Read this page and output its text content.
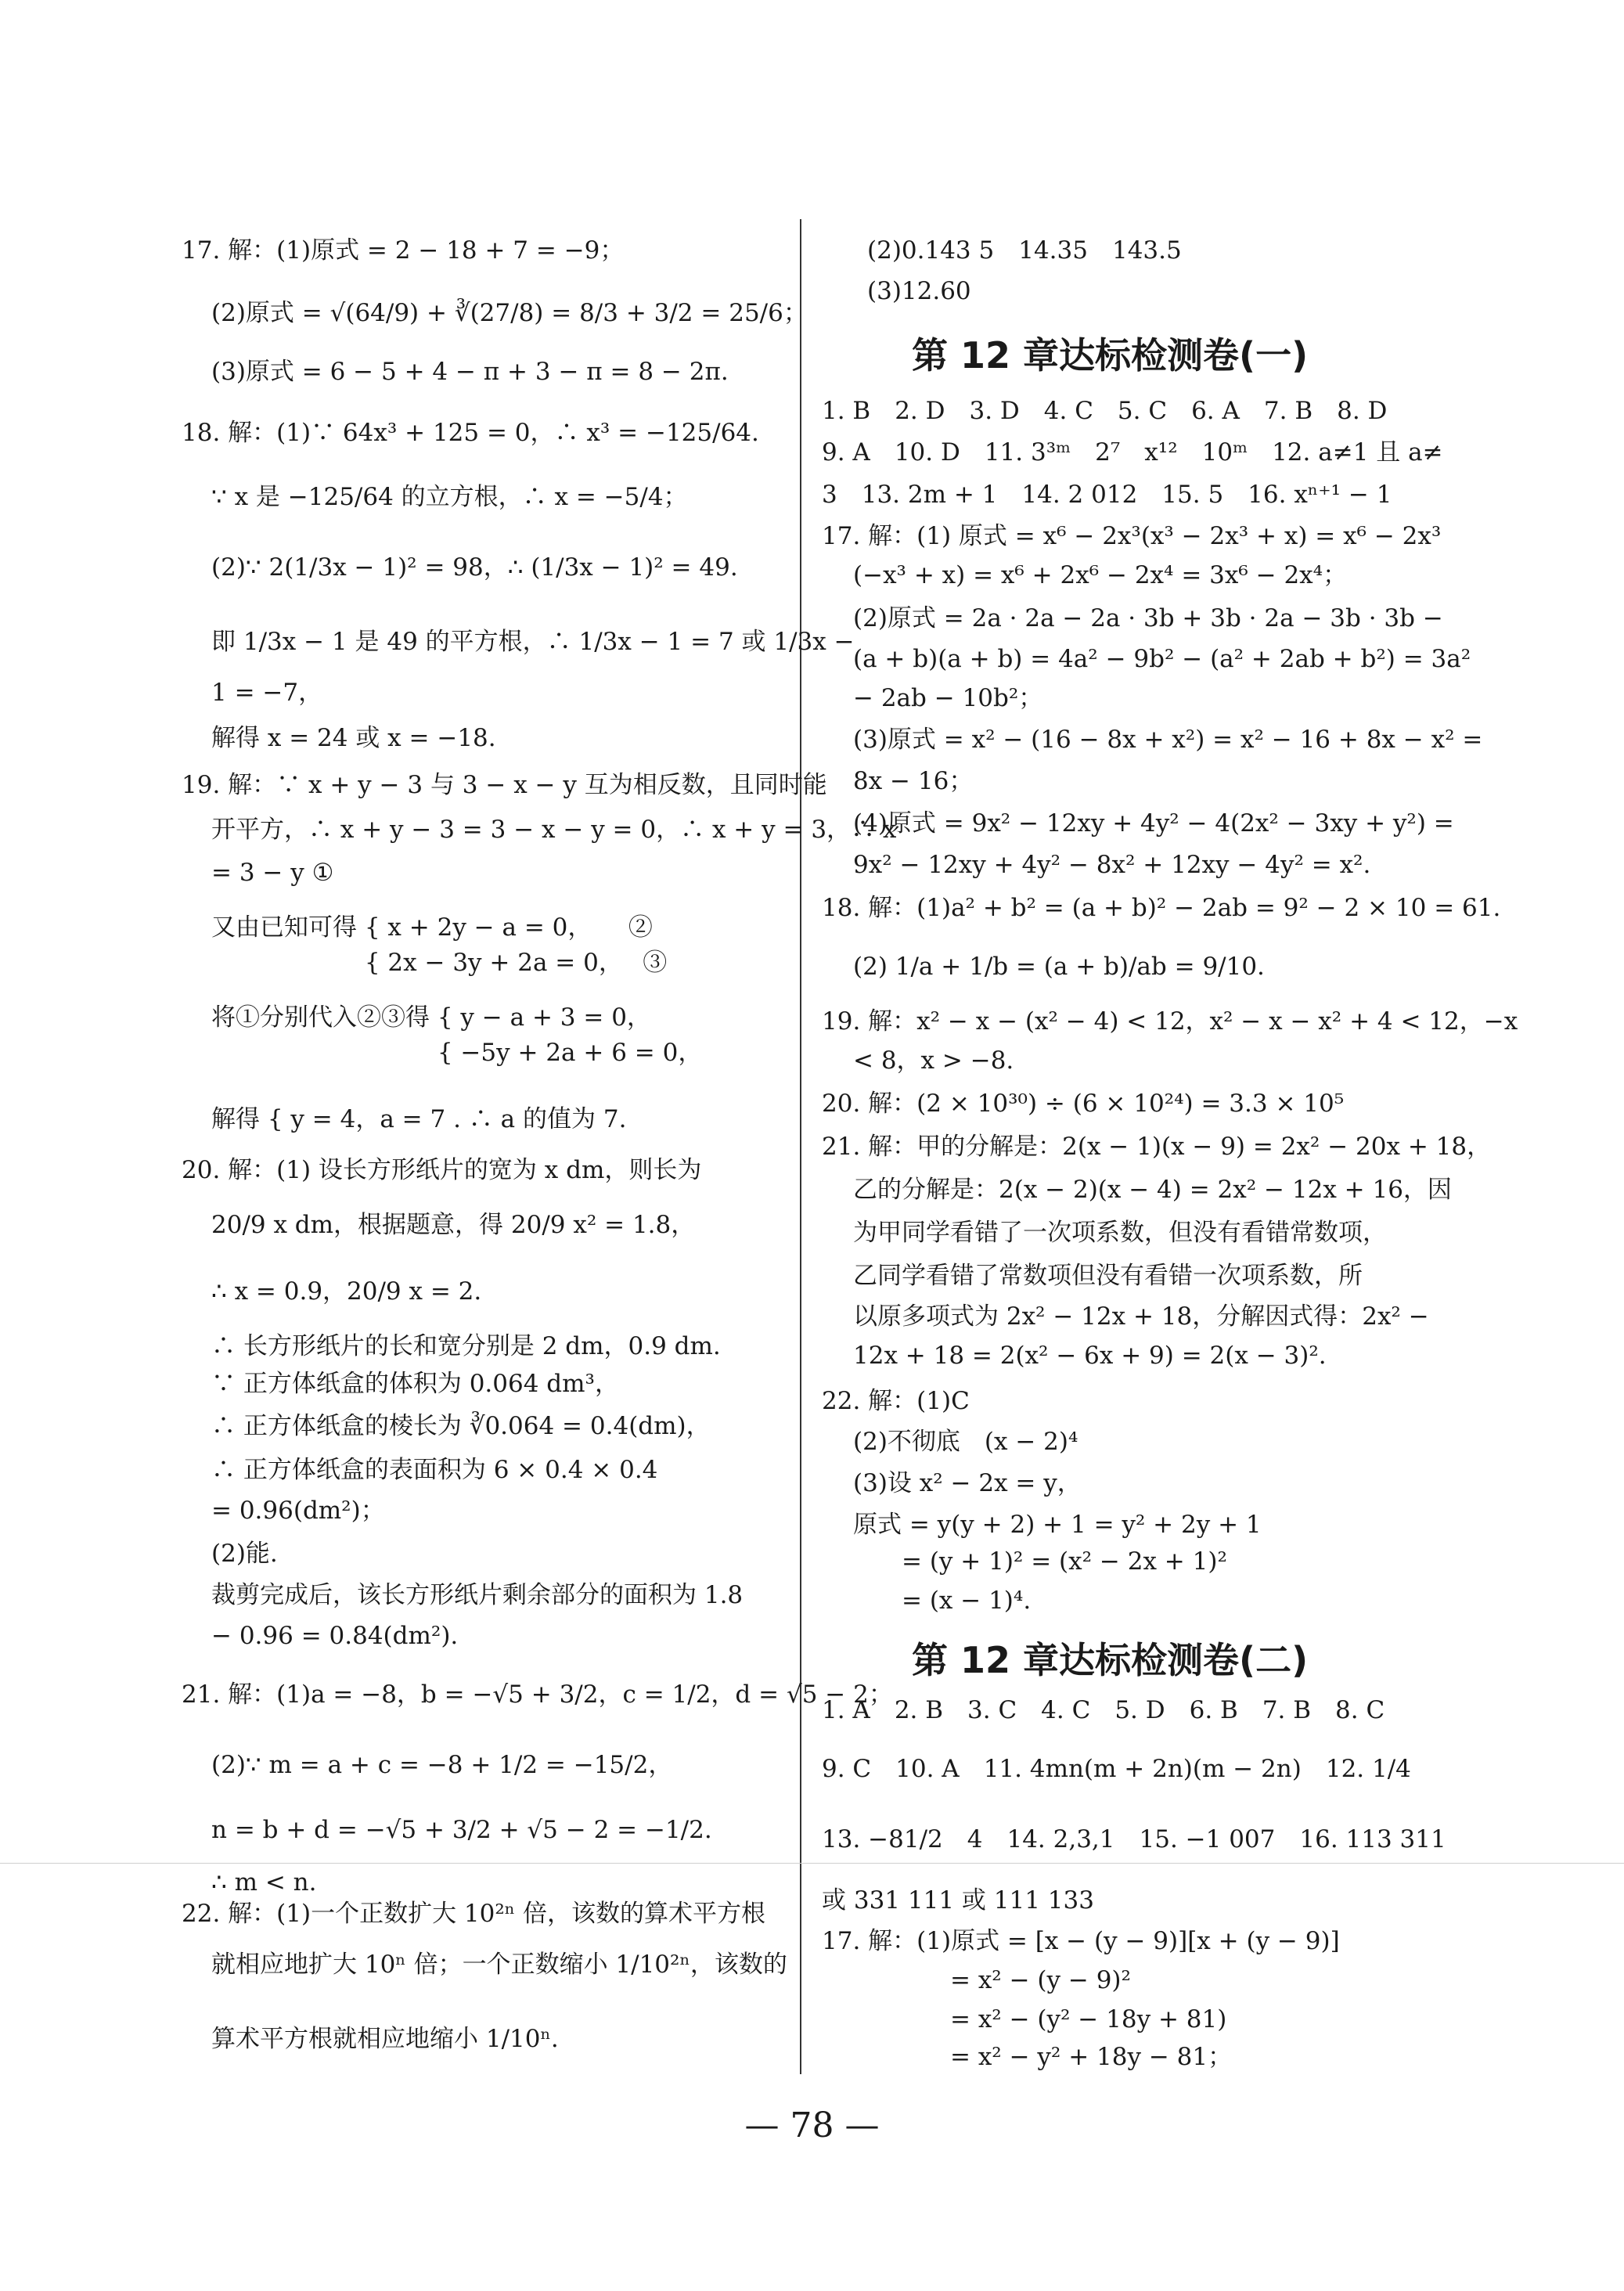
17. 解：(1)原式 = 2 − 18 + 7 = −9；
(2)原式 = √(64/9) + ∛(27/8) = 8/3 + 3/2 = 25/6；
(3)原式 = 6 − 5 + 4 − π + 3 − π = 8 − 2π.
18. 解：(1)∵ 64x³ + 125 = 0，∴ x³ = −125/64.
∵ x 是 −125/64 的立方根，∴ x = −5/4；
(2)∵ 2(1/3x − 1)² = 98，∴ (1/3x − 1)² = 49.
即 1/3x − 1 是 49 的平方根，∴ 1/3x − 1 = 7 或 1/3x −
1 = −7，
解得 x = 24 或 x = −18.
19. 解：∵ x + y − 3 与 3 − x − y 互为相反数，且同时能
开平方，∴ x + y − 3 = 3 − x − y = 0，∴ x + y = 3，∴ x
= 3 − y ①
又由已知可得 { x + 2y − a = 0，　　②
　　　　　　 { 2x − 3y + 2a = 0，　 ③
将①分别代入②③得 { y − a + 3 = 0，
　　　　　　　　　 { −5y + 2a + 6 = 0，
解得 { y = 4，a = 7 . ∴ a 的值为 7.
20. 解：(1) 设长方形纸片的宽为 x dm，则长为
20/9 x dm，根据题意，得 20/9 x² = 1.8，
∴ x = 0.9，20/9 x = 2.
∴ 长方形纸片的长和宽分别是 2 dm，0.9 dm.
∵ 正方体纸盒的体积为 0.064 dm³，
∴ 正方体纸盒的棱长为 ∛0.064 = 0.4(dm)，
∴ 正方体纸盒的表面积为 6 × 0.4 × 0.4
= 0.96(dm²)；
(2)能.
裁剪完成后，该长方形纸片剩余部分的面积为 1.8
− 0.96 = 0.84(dm²).
21. 解：(1)a = −8，b = −√5 + 3/2，c = 1/2，d = √5 − 2；
(2)∵ m = a + c = −8 + 1/2 = −15/2，
n = b + d = −√5 + 3/2 + √5 − 2 = −1/2.
∴ m < n.
22. 解：(1)一个正数扩大 10²ⁿ 倍，该数的算术平方根
就相应地扩大 10ⁿ 倍；一个正数缩小 1/10²ⁿ，该数的
算术平方根就相应地缩小 1/10ⁿ.
(2)0.143 5　14.35　143.5
(3)12.60
第 12 章达标检测卷(一)
1. B　2. D　3. D　4. C　5. C　6. A　7. B　8. D
9. A　10. D　11. 3³ᵐ　2⁷　x¹²　10ᵐ　12. a≠1 且 a≠
3　13. 2m + 1　14. 2 012　15. 5　16. xⁿ⁺¹ − 1
17. 解：(1) 原式 = x⁶ − 2x³(x³ − 2x³ + x) = x⁶ − 2x³
(−x³ + x) = x⁶ + 2x⁶ − 2x⁴ = 3x⁶ − 2x⁴；
(2)原式 = 2a · 2a − 2a · 3b + 3b · 2a − 3b · 3b −
(a + b)(a + b) = 4a² − 9b² − (a² + 2ab + b²) = 3a²
− 2ab − 10b²；
(3)原式 = x² − (16 − 8x + x²) = x² − 16 + 8x − x² =
8x − 16；
(4)原式 = 9x² − 12xy + 4y² − 4(2x² − 3xy + y²) =
9x² − 12xy + 4y² − 8x² + 12xy − 4y² = x².
18. 解：(1)a² + b² = (a + b)² − 2ab = 9² − 2 × 10 = 61.
(2) 1/a + 1/b = (a + b)/ab = 9/10.
19. 解：x² − x − (x² − 4) < 12，x² − x − x² + 4 < 12，−x
< 8，x > −8.
20. 解：(2 × 10³⁰) ÷ (6 × 10²⁴) = 3.3 × 10⁵
21. 解：甲的分解是：2(x − 1)(x − 9) = 2x² − 20x + 18，
乙的分解是：2(x − 2)(x − 4) = 2x² − 12x + 16，因
为甲同学看错了一次项系数，但没有看错常数项，
乙同学看错了常数项但没有看错一次项系数，所
以原多项式为 2x² − 12x + 18，分解因式得：2x² −
12x + 18 = 2(x² − 6x + 9) = 2(x − 3)².
22. 解：(1)C
(2)不彻底　(x − 2)⁴
(3)设 x² − 2x = y，
原式 = y(y + 2) + 1 = y² + 2y + 1
　　= (y + 1)² = (x² − 2x + 1)²
　　= (x − 1)⁴.
第 12 章达标检测卷(二)
1. A　2. B　3. C　4. C　5. D　6. B　7. B　8. C
9. C　10. A　11. 4mn(m + 2n)(m − 2n)　12. 1/4
13. −81/2　4　14. 2,3,1　15. −1 007　16. 113 311
或 331 111 或 111 133
17. 解：(1)原式 = [x − (y − 9)][x + (y − 9)]
　　　　= x² − (y − 9)²
　　　　= x² − (y² − 18y + 81)
　　　　= x² − y² + 18y − 81；
— 78 —
